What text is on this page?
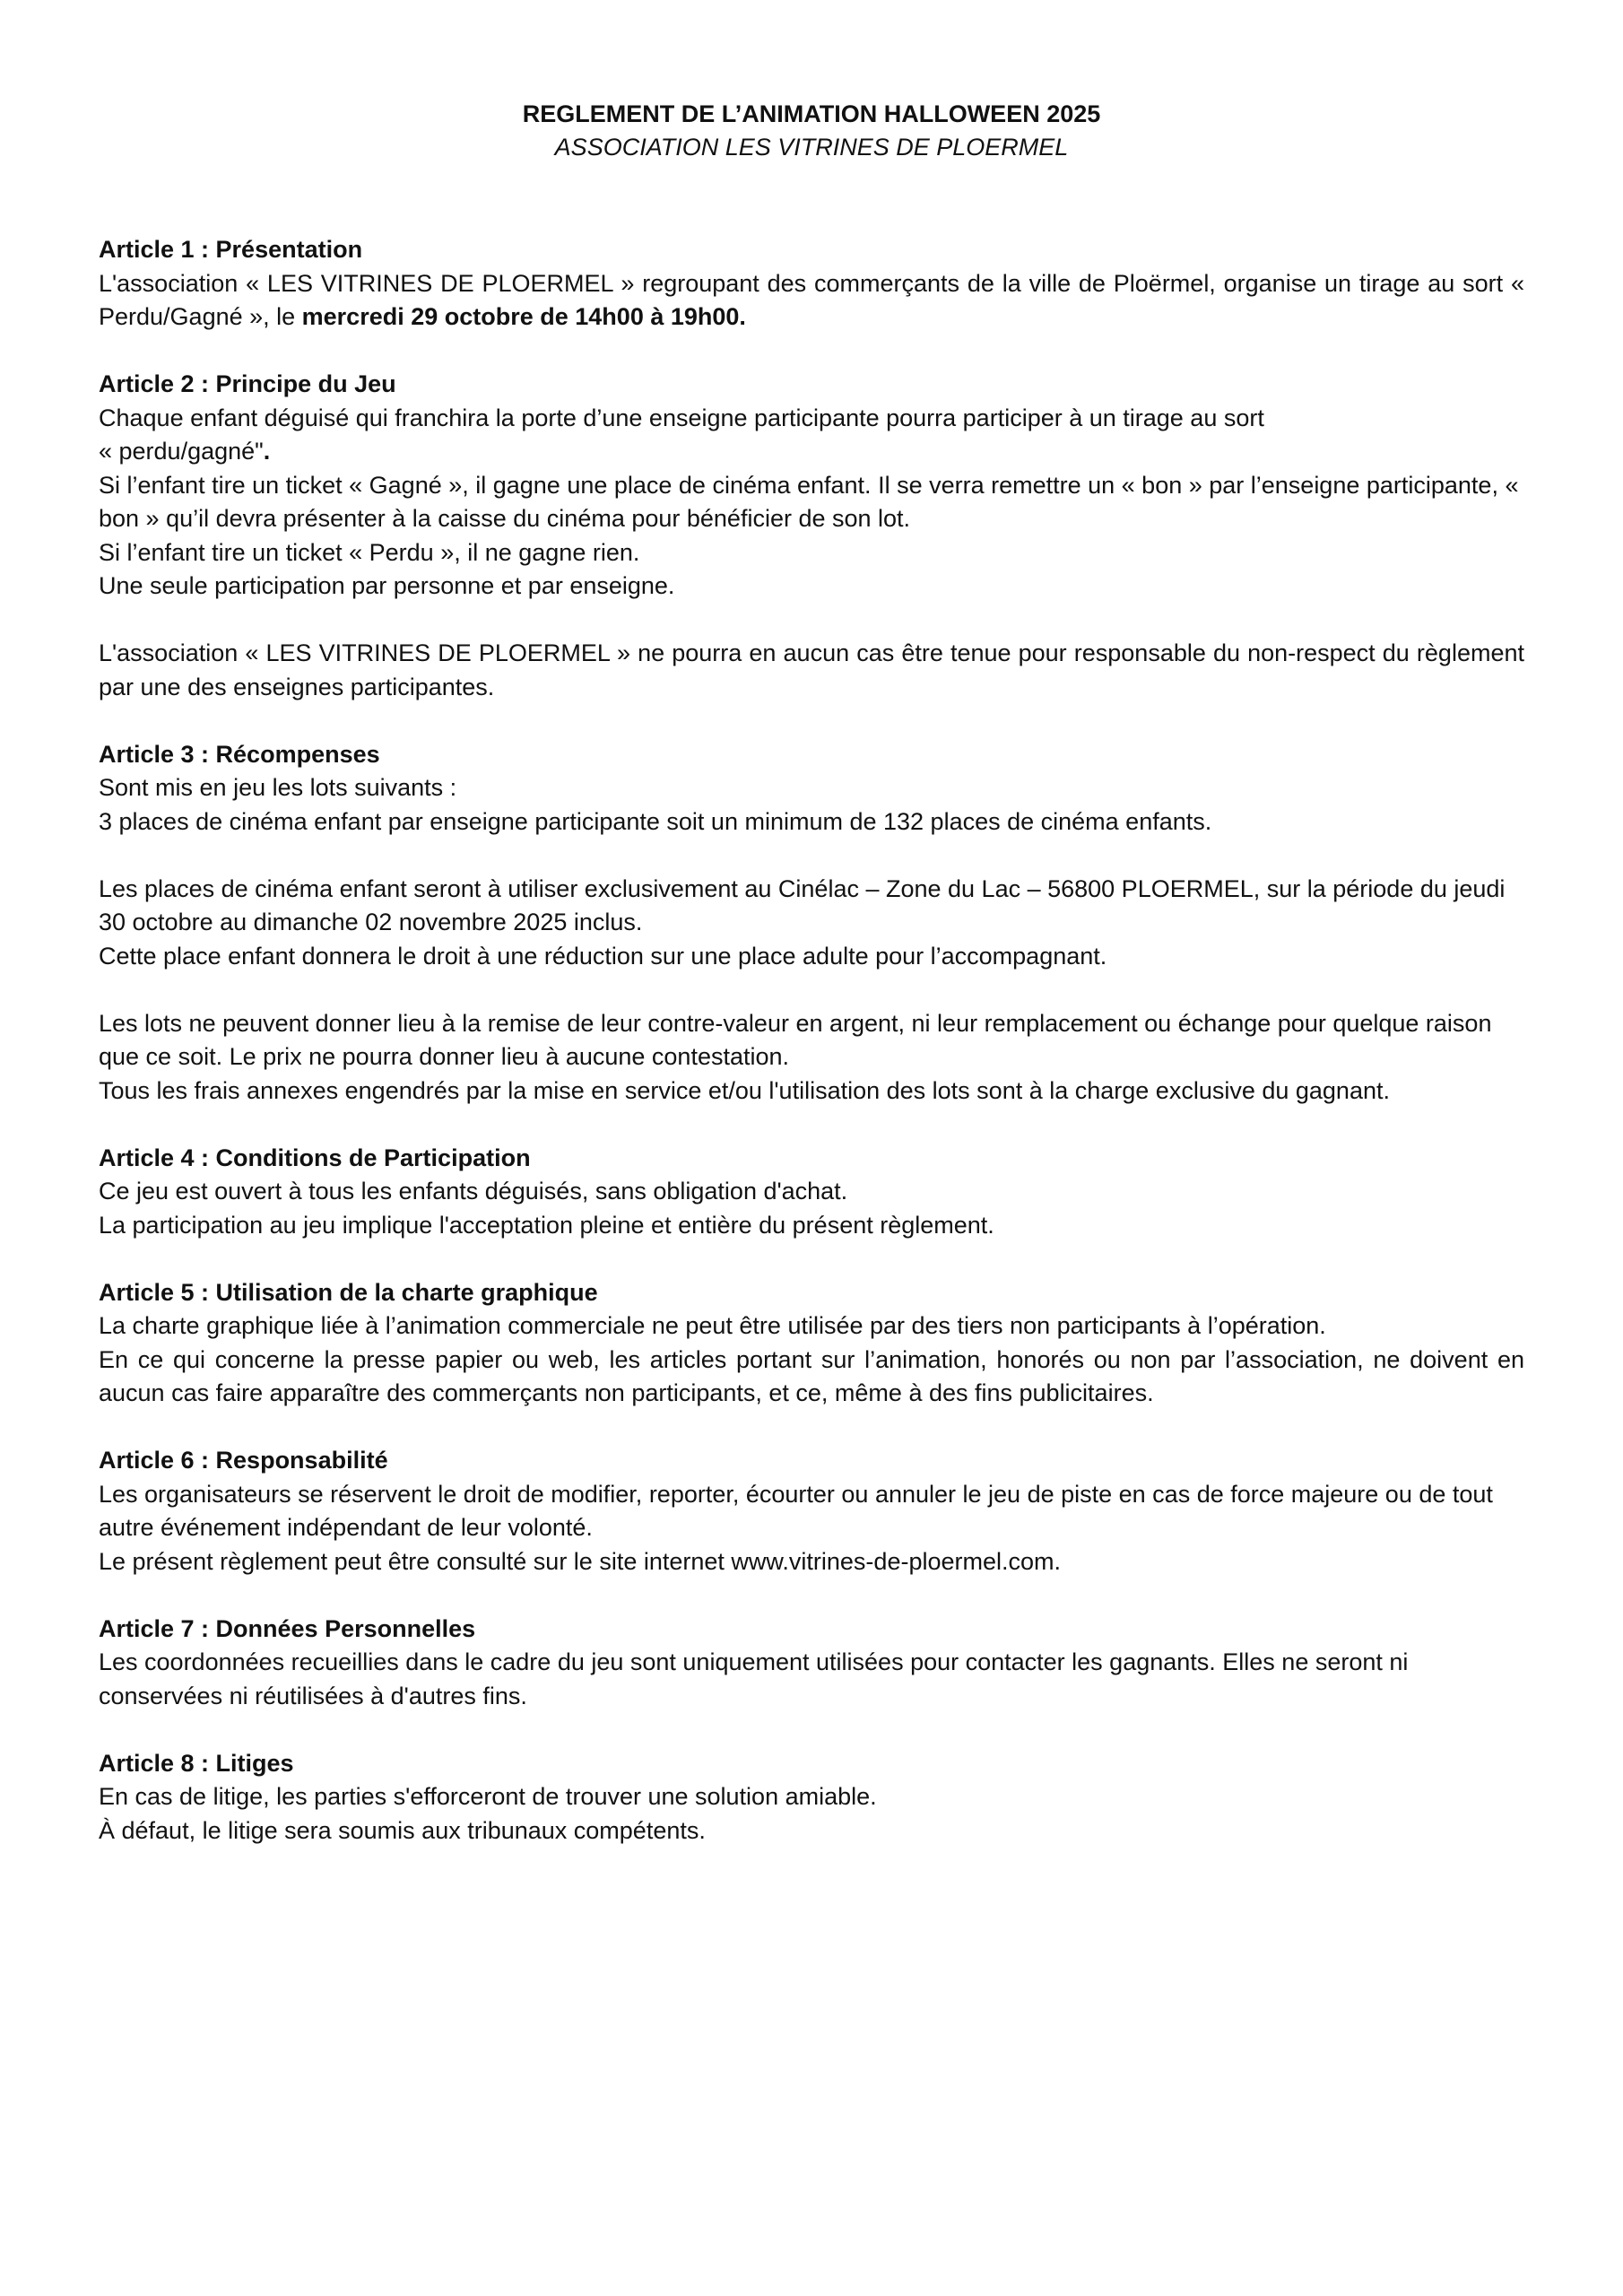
REGLEMENT DE L’ANIMATION HALLOWEEN 2025
ASSOCIATION LES VITRINES DE PLOERMEL

Article 1 : Présentation

L'association « LES VITRINES DE PLOERMEL » regroupant des commerçants de la ville de Ploërmel, organise un tirage au sort « Perdu/Gagné », le mercredi 29 octobre de 14h00 à 19h00.

Article 2 : Principe du Jeu

Chaque enfant déguisé qui franchira la porte d’une enseigne participante pourra participer à un tirage au sort

« perdu/gagné".

Si l’enfant tire un ticket « Gagné », il gagne une place de cinéma enfant. Il se verra remettre un « bon » par l’enseigne participante, « bon » qu’il devra présenter à la caisse du cinéma pour bénéficier de son lot.

Si l’enfant tire un ticket « Perdu », il ne gagne rien.

Une seule participation par personne et par enseigne.

L'association « LES VITRINES DE PLOERMEL » ne pourra en aucun cas être tenue pour responsable du non-respect du règlement par une des enseignes participantes.

Article 3 : Récompenses

Sont mis en jeu les lots suivants :

3 places de cinéma enfant par enseigne participante soit un minimum de 132 places de cinéma enfants.

Les places de cinéma enfant seront à utiliser exclusivement au Cinélac – Zone du Lac – 56800 PLOERMEL, sur la période du jeudi 30 octobre au dimanche 02 novembre 2025 inclus.

Cette place enfant donnera le droit à une réduction sur une place adulte pour l’accompagnant.

Les lots ne peuvent donner lieu à la remise de leur contre-valeur en argent, ni leur remplacement ou échange pour quelque raison que ce soit. Le prix ne pourra donner lieu à aucune contestation.

Tous les frais annexes engendrés par la mise en service et/ou l'utilisation des lots sont à la charge exclusive du gagnant.

Article 4 : Conditions de Participation

Ce jeu est ouvert à tous les enfants déguisés, sans obligation d'achat.

La participation au jeu implique l'acceptation pleine et entière du présent règlement.

Article 5 : Utilisation de la charte graphique

La charte graphique liée à l’animation commerciale ne peut être utilisée par des tiers non participants à l’opération.

En ce qui concerne la presse papier ou web, les articles portant sur l’animation, honorés ou non par l’association, ne doivent en aucun cas faire apparaître des commerçants non participants, et ce, même à des fins publicitaires.

Article 6 : Responsabilité

Les organisateurs se réservent le droit de modifier, reporter, écourter ou annuler le jeu de piste en cas de force majeure ou de tout autre événement indépendant de leur volonté.

Le présent règlement peut être consulté sur le site internet www.vitrines-de-ploermel.com.

Article 7 : Données Personnelles

Les coordonnées recueillies dans le cadre du jeu sont uniquement utilisées pour contacter les gagnants. Elles ne seront ni conservées ni réutilisées à d'autres fins.

Article 8 : Litiges

En cas de litige, les parties s'efforceront de trouver une solution amiable.

À défaut, le litige sera soumis aux tribunaux compétents.
